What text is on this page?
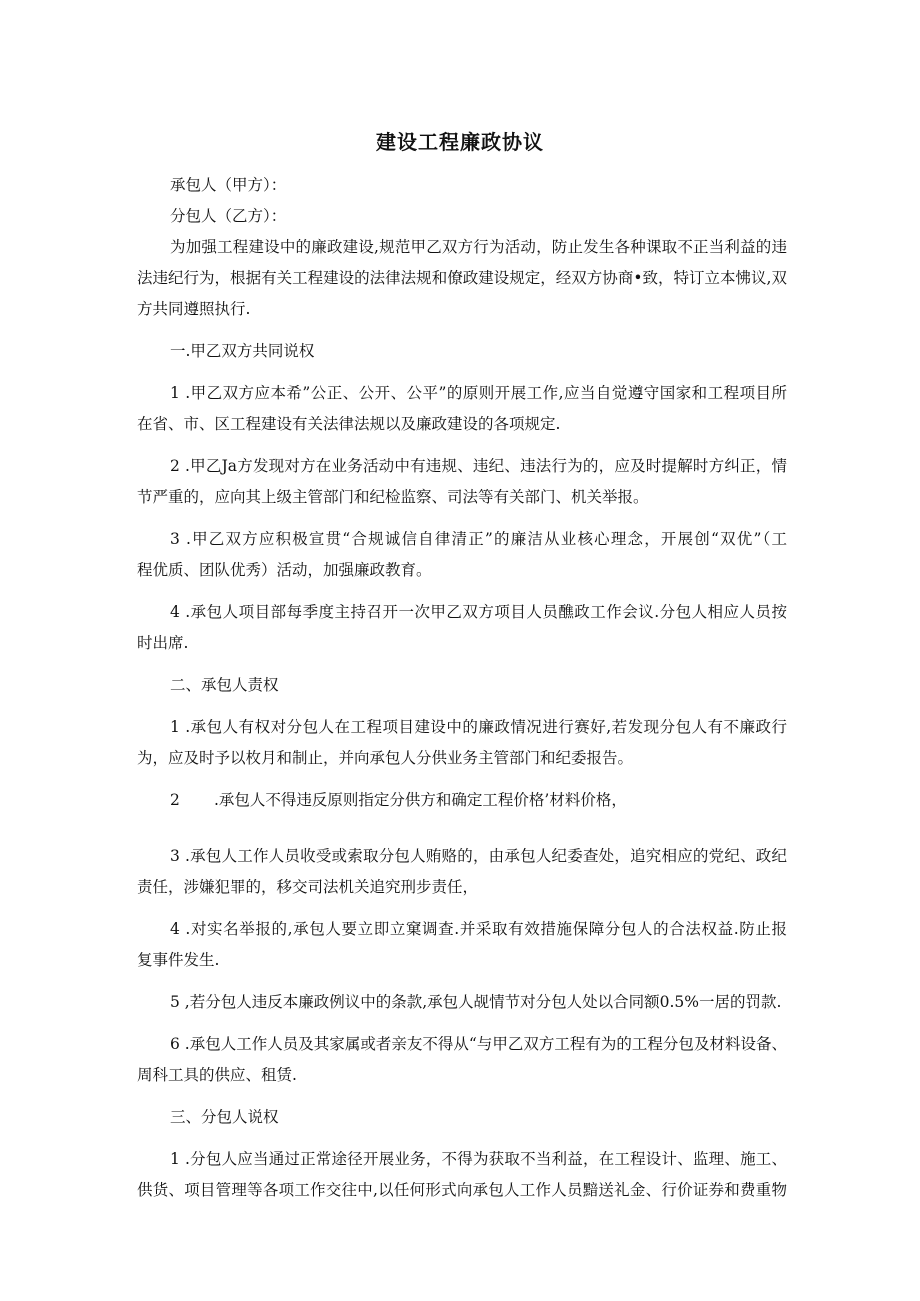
建设工程廉政协议
承包人（甲方）：
分包人（乙方）：
为加强工程建设中的廉政建设,规范甲乙双方行为活动，防止发生各种课取不正当利益的违
法违纪行为，根据有关工程建设的法律法规和僚政建设规定，经双方协商•致，特订立本怫议,双
方共同遵照执行.
一.甲乙双方共同说权
1 .甲乙双方应本希”公正、公开、公平”的原则开展工作,应当自觉遵守国家和工程项目所
在省、市、区工程建设有关法律法规以及廉政建设的各项规定.
2 .甲乙Ja方发现对方在业务活动中有违规、违纪、违法行为的，应及时提解时方纠正，情
节严重的，应向其上级主管部门和纪检监察、司法等有关部门、机关举报。
3 .甲乙双方应积极宣贯“合规诚信自律清正”的廉洁从业核心理念，开展创“双优”（工
程优质、团队优秀）活动，加强廉政教育。
4 .承包人项目部每季度主持召开一次甲乙双方项目人员醮政工作会议.分包人相应人员按
时出席.
二、承包人责权
1 .承包人有权对分包人在工程项目建设中的廉政情况进行赛好,若发现分包人有不廉政行
为，应及时予以枚月和制止，并向承包人分供业务主管部门和纪委报告。
2 .承包人不得违反原则指定分供方和确定工程价格’材料价格，
3 .承包人工作人员收受或索取分包人贿赂的，由承包人纪委查处，追究相应的党纪、政纪
责任，涉嫌犯罪的，移交司法机关追究刑步责任，
4 .对实名举报的,承包人要立即立窠调查.并采取有效措施保障分包人的合法权益.防止报
复事件发生.
5 ,若分包人违反本廉政例议中的条款,承包人觇情节对分包人处以合同额0.5%一居的罚款.
6 .承包人工作人员及其家属或者亲友不得从“与甲乙双方工程有为的工程分包及材料设备、
周科工具的供应、租赁.
三、分包人说权
1 .分包人应当通过正常途径开展业务，不得为获取不当利益，在工程设计、监理、施工、
供货、项目管理等各项工作交往中,以任何形式向承包人工作人员黯送礼金、行价证券和费重物
